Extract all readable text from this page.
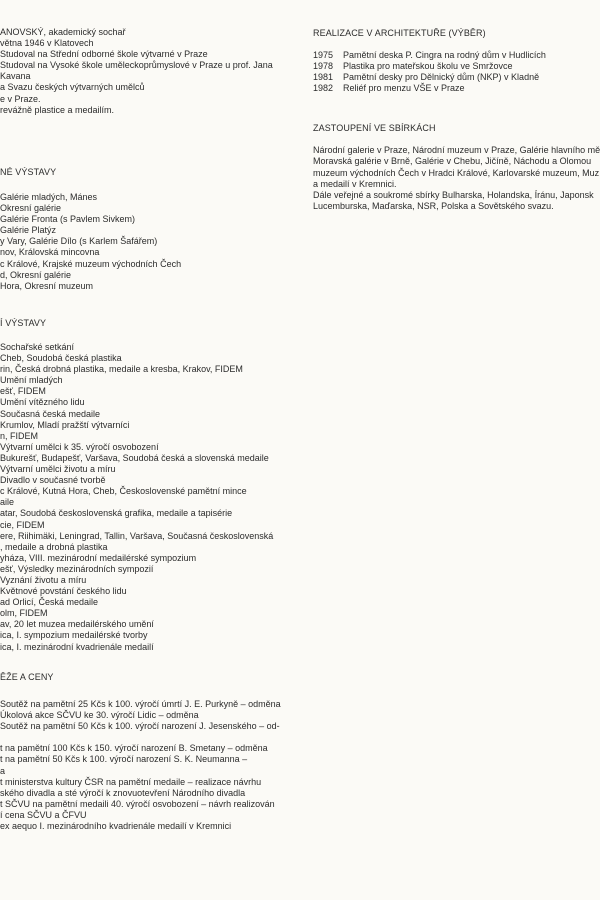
ANOVSKÝ, akademický sochař
větna 1946 v Klatovech
Studoval na Střední odborné škole výtvarné v Praze
Studoval na Vysoké škole uměleckoprůmyslové v Praze u prof. Jana
Kavana
a Svazu českých výtvarných umělců
e v Praze.
revážně plastice a medailím.
NÉ VÝSTAVY
Galérie mladých, Mánes
Okresní galérie
Galérie Fronta (s Pavlem Sivkem)
Galérie Platýz
y Vary, Galérie Dílo (s Karlem Šafářem)
nov, Královská mincovna
c Králové, Krajské muzeum východních Čech
d, Okresní galérie
Hora, Okresní muzeum
Í VÝSTAVY
Sochařské setkání
Cheb, Soudobá česká plastika
rin, Česká drobná plastika, medaile a kresba, Krakov, FIDEM
Umění mladých
ešť, FIDEM
Umění vítězného lidu
Současná česká medaile
Krumlov, Mladí pražští výtvarníci
n, FIDEM
Výtvarní umělci k 35. výročí osvobození
Bukurešť, Budapešť, Varšava, Soudobá česká a slovenská medaile
Výtvarní umělci životu a míru
Divadlo v současné tvorbě
c Králové, Kutná Hora, Cheb, Československé pamětní mince
aile
atar, Soudobá československá grafika, medaile a tapisérie
cie, FIDEM
ere, Riihimäki, Leningrad, Tallin, Varšava, Současná československá
, medaile a drobná plastika
yháza, VIII. mezinárodní medailérské sympozium
ešť, Výsledky mezinárodních sympozií
Vyznání životu a míru
Květnové povstání českého lidu
ad Orlicí, Česká medaile
olm, FIDEM
av, 20 let muzea medailérského umění
ica, I. sympozium medailérské tvorby
ica, I. mezinárodní kvadrienále medailí
ĚŽE A CENY
Soutěž na pamětní 25 Kčs k 100. výročí úmrtí J. E. Purkyně – odměna
Úkolová akce SČVU ke 30. výročí Lidic – odměna
Soutěž na pamětní 50 Kčs k 100. výročí narození J. Jesenského – od-
t na pamětní 100 Kčs k 150. výročí narození B. Smetany – odměna
t na pamětní 50 Kčs k 100. výročí narození S. K. Neumanna –
a
t ministerstva kultury ČSR na pamětní medaile – realizace návrhu
ského divadla a sté výročí k znovuotevření Národního divadla
t SČVU na pamětní medaili 40. výročí osvobození – návrh realizován
í cena SČVU a ČFVU
ex aequo I. mezinárodního kvadrienále medailí v Kremnici
REALIZACE V ARCHITEKTUŘE (VÝBĚR)
1975	Pamětní deska P. Cingra na rodný dům v Hudlicích
1978	Plastika pro mateřskou školu ve Smržovce
1981	Pamětní desky pro Dělnický dům (NKP) v Kladně
1982	Reliéf pro menzu VŠE v Praze
ZASTOUPENÍ VE SBÍRKÁCH
Národní galerie v Praze, Národní muzeum v Praze, Galérie hlavního mě
Moravská galérie v Brně, Galérie v Chebu, Jičíně, Náchodu a Olomou
muzeum východních Čech v Hradci Králové, Karlovarské muzeum, Muz
a medailí v Kremnici.
Dále veřejné a soukromé sbírky Bulharska, Holandska, Íránu, Japonsk
Lucemburska, Maďarska, NSR, Polska a Sovětského svazu.
